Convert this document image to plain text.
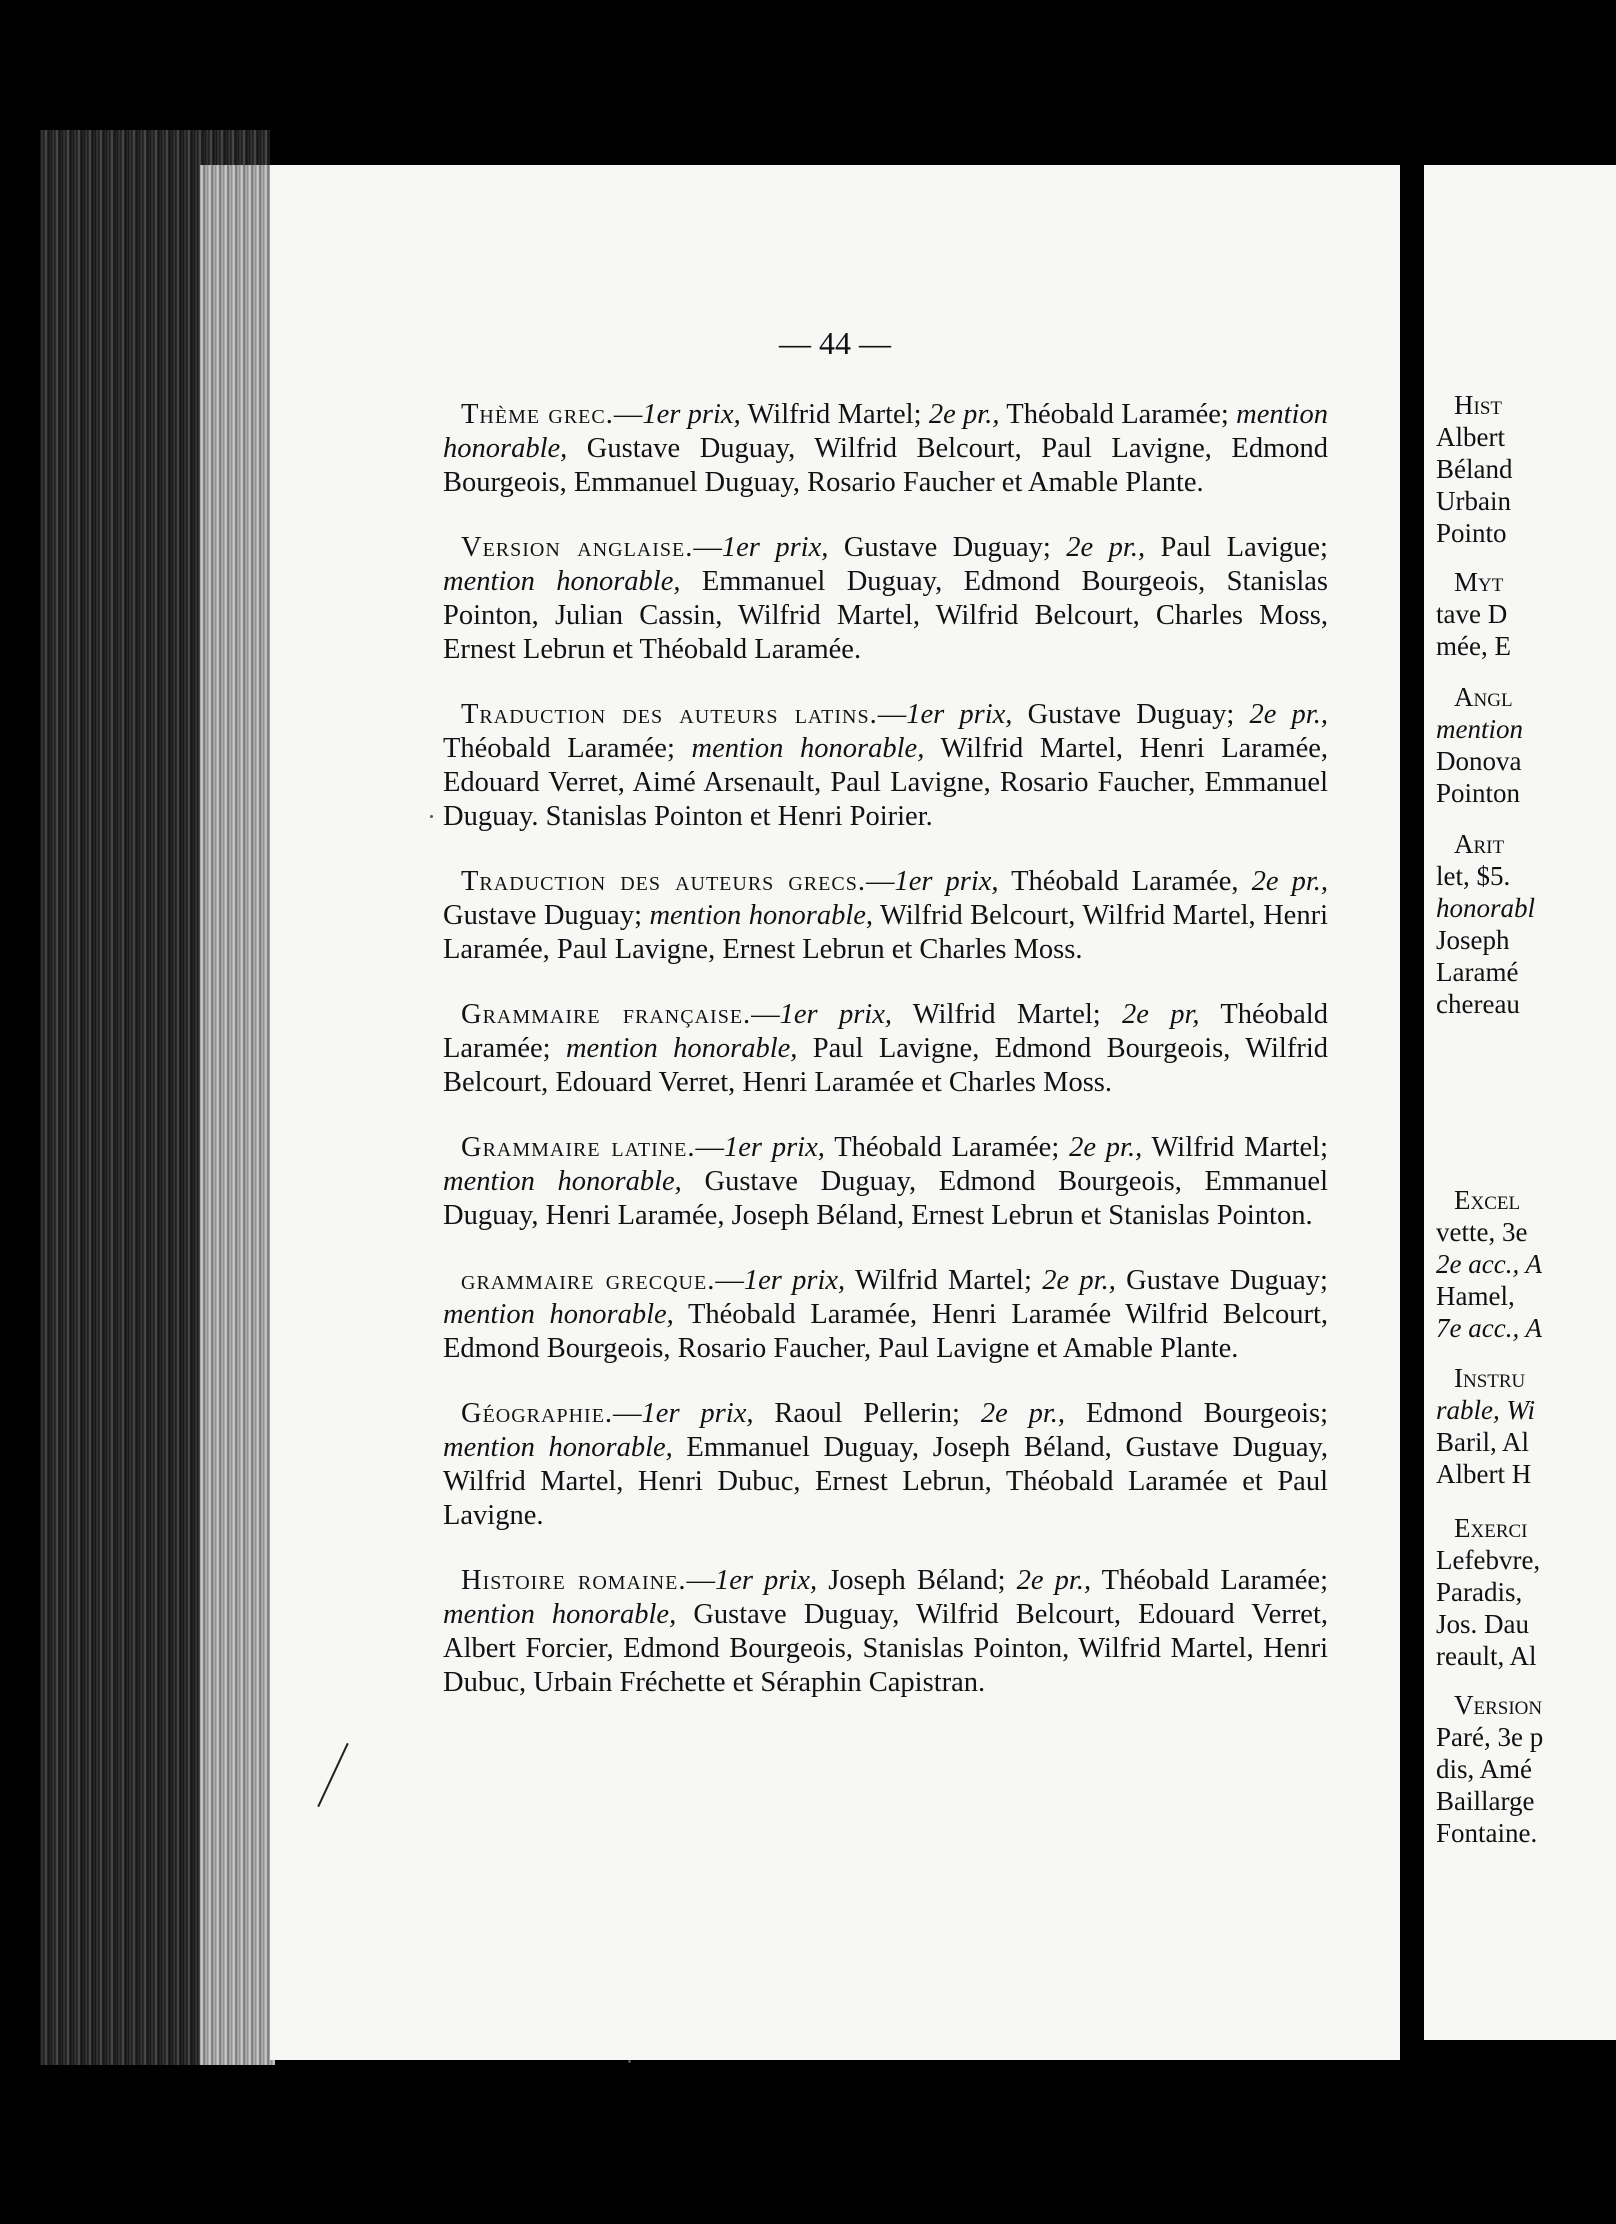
— 44 —

Thème grec.—1er prix, Wilfrid Martel; 2e pr., Théobald Laramée; mention honorable, Gustave Duguay, Wilfrid Belcourt, Paul Lavigne, Edmond Bourgeois, Emmanuel Duguay, Rosario Faucher et Amable Plante.

Version anglaise.—1er prix, Gustave Duguay; 2e pr., Paul Lavigue; mention honorable, Emmanuel Duguay, Edmond Bourgeois, Stanislas Pointon, Julian Cassin, Wilfrid Martel, Wilfrid Belcourt, Charles Moss, Ernest Lebrun et Théobald Laramée.

Traduction des auteurs latins.—1er prix, Gustave Duguay; 2e pr., Théobald Laramée; mention honorable, Wilfrid Martel, Henri Laramée, Edouard Verret, Aimé Arsenault, Paul Lavigne, Rosario Faucher, Emmanuel Duguay. Stanislas Pointon et Henri Poirier.

Traduction des auteurs grecs.—1er prix, Théobald Laramée, 2e pr., Gustave Duguay; mention honorable, Wilfrid Belcourt, Wilfrid Martel, Henri Laramée, Paul Lavigne, Ernest Lebrun et Charles Moss.

Grammaire française.—1er prix, Wilfrid Martel; 2e pr, Théobald Laramée; mention honorable, Paul Lavigne, Edmond Bourgeois, Wilfrid Belcourt, Edouard Verret, Henri Laramée et Charles Moss.

Grammaire latine.—1er prix, Théobald Laramée; 2e pr., Wilfrid Martel; mention honorable, Gustave Duguay, Edmond Bourgeois, Emmanuel Duguay, Henri Laramée, Joseph Béland, Ernest Lebrun et Stanislas Pointon.

grammaire grecque.—1er prix, Wilfrid Martel; 2e pr., Gustave Duguay; mention honorable, Théobald Laramée, Henri Laramée Wilfrid Belcourt, Edmond Bourgeois, Rosario Faucher, Paul Lavigne et Amable Plante.

Géographie.—1er prix, Raoul Pellerin; 2e pr., Edmond Bourgeois; mention honorable, Emmanuel Duguay, Joseph Béland, Gustave Duguay, Wilfrid Martel, Henri Dubuc, Ernest Lebrun, Théobald Laramée et Paul Lavigne.

Histoire romaine.—1er prix, Joseph Béland; 2e pr., Théobald Laramée; mention honorable, Gustave Duguay, Wilfrid Belcourt, Edouard Verret, Albert Forcier, Edmond Bourgeois, Stanislas Pointon, Wilfrid Martel, Henri Dubuc, Urbain Fréchette et Séraphin Capistran.

Hist
Albert
Béland
Urbain
Pointo
Myt
tave D
mée, E
Angl
mention
Donova
Pointon
Arit
let, $5.
honorabl
Joseph
Laramé
chereau
Excel
vette, 3e
2e acc., A
Hamel,
7e acc., A
Instru
rable, Wi
Baril, Al
Albert H
Exerci
Lefebvre,
Paradis,
Jos. Dau
reault, Al
Version
Paré, 3e p
dis, Amé
Baillarge
Fontaine.
